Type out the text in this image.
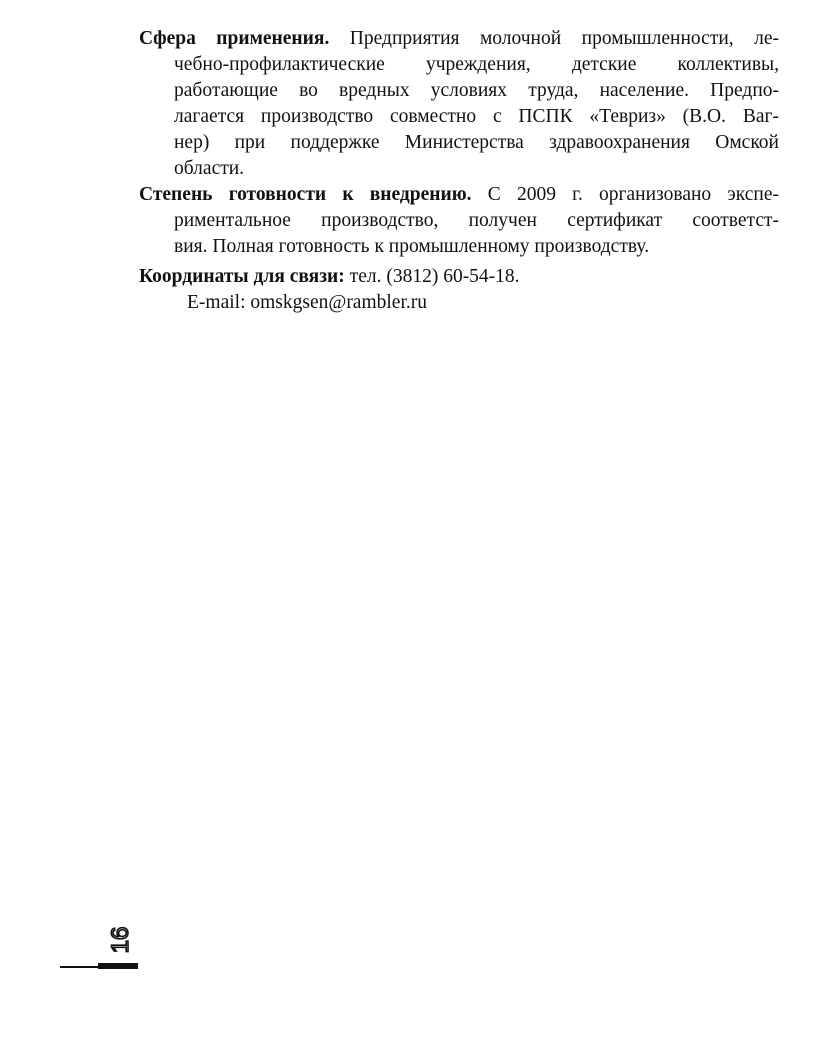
Сфера применения. Предприятия молочной промышленности, ле-
чебно-профилактические учреждения, детские коллективы,
работающие во вредных условиях труда, население. Предпо-
лагается производство совместно с ПСПК «Тевриз» (В.О. Ваг-
нер) при поддержке Министерства здравоохранения Омской
области.
Степень готовности к внедрению. С 2009 г. организовано экспе-
риментальное производство, получен сертификат соответст-
вия. Полная готовность к промышленному производству.
Координаты для связи: тел. (3812) 60-54-18.
E-mail: omskgsen@rambler.ru
16
